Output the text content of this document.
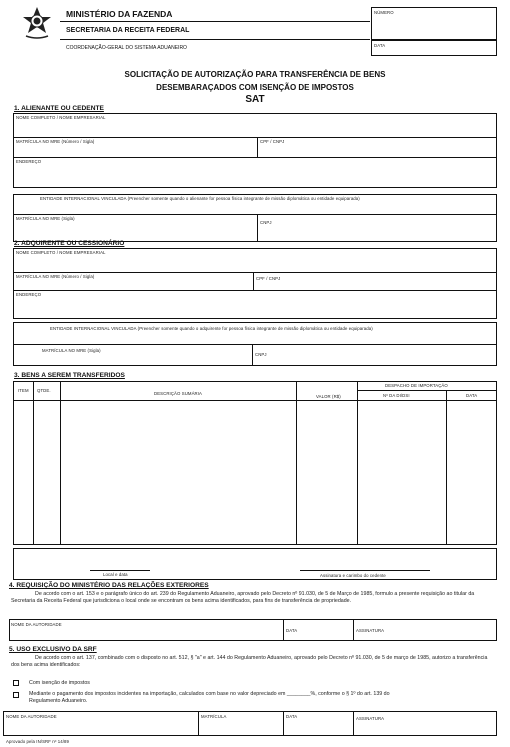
MINISTÉRIO DA FAZENDA
SECRETARIA DA RECEITA FEDERAL
COORDENAÇÃO-GERAL DO SISTEMA ADUANEIRO
NÚMERO
DATA
SOLICITAÇÃO DE AUTORIZAÇÃO PARA TRANSFERÊNCIA DE BENS
DESEMBARAÇADOS COM ISENÇÃO DE IMPOSTOS
SAT
1. ALIENANTE OU CEDENTE
NOME COMPLETO / NOME EMPRESARIAL
MATRÍCULA NO MRE (Número / Sigla)	CPF / CNPJ
ENDEREÇO
ENTIDADE INTERNACIONAL VINCULADA (Preencher somente quando o alienante for pessoa física integrante de missão diplomática ou entidade equiparada)
MATRÍCULA NO MRE (Sigla)
CNPJ
2. ADQUIRENTE OU CESSIONÁRIO
NOME COMPLETO / NOME EMPRESARIAL
MATRÍCULA NO MRE (Número / Sigla)	CPF / CNPJ
ENDEREÇO
ENTIDADE INTERNACIONAL VINCULADA (Preencher somente quando o adquirente for pessoa física integrante de missão diplomática ou entidade equiparada)
MATRÍCULA NO MRE (Sigla)
CNPJ
3. BENS A SEREM TRANSFERIDOS
ITEM QTDE.
DESCRIÇÃO SUMÁRIA
VALOR (R$)
DESPACHO DE IMPORTAÇÃO
Nº DA DI/DSI	DATA
Local e data	Assinatura e carimbo do cedente
4. REQUISIÇÃO DO MINISTÉRIO DAS RELAÇÕES EXTERIORES
De acordo com o art. 153 e o parágrafo único do art. 239 do Regulamento Aduaneiro, aprovado pelo Decreto nº 91.030, de 5 de Março de 1985, formulo a presente requisição ao titular da Secretaria da Receita Federal que jurisdiciona o local onde se encontram os bens acima identificados, para fins de transferência de propriedade.
NOME DA AUTORIDADE
DATA	ASSINATURA
5. USO EXCLUSIVO DA SRF
De acordo com o art. 137, combinado com o disposto no art. 512, § "a" e art. 144 do Regulamento Aduaneiro, aprovado pelo Decreto nº 91.030, de 5 de março de 1985, autorizo a transferência dos bens acima identificados:
Com isenção de impostos
Mediante o pagamento dos impostos incidentes na importação, calculados com base no valor depreciado em ________%, conforme o § 1º do art. 139 do
Regulamento Aduaneiro.
NOME DA AUTORIDADE	MATRÍCULA	DATA	ASSINATURA
Aprovado pela IN/SRF nº 14/89
